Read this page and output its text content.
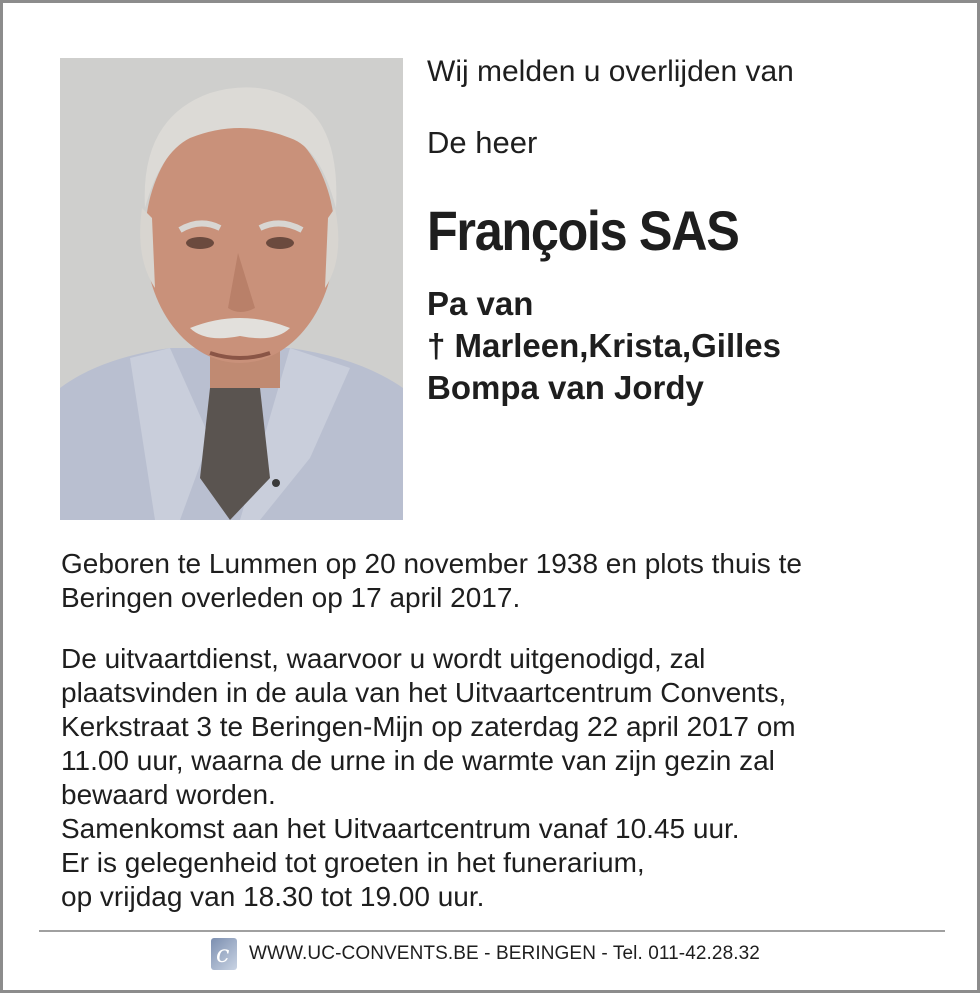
Wij melden u overlijden van

De heer

François SAS

Pa van
† Marleen,Krista,Gilles
Bompa van Jordy
Geboren te Lummen op 20 november 1938 en plots thuis te
Beringen overleden op 17 april 2017.
De uitvaartdienst, waarvoor u wordt uitgenodigd, zal
plaatsvinden in de aula van het Uitvaartcentrum Convents,
Kerkstraat 3 te Beringen-Mijn op zaterdag 22 april 2017 om
11.00 uur, waarna de urne in de warmte van zijn gezin zal
bewaard worden.
Samenkomst aan het Uitvaartcentrum vanaf 10.45 uur.
Er is gelegenheid tot groeten in het funerarium,
op vrijdag van 18.30 tot 19.00 uur.
c WWW.UC-CONVENTS.BE - BERINGEN - Tel. 011-42.28.32
